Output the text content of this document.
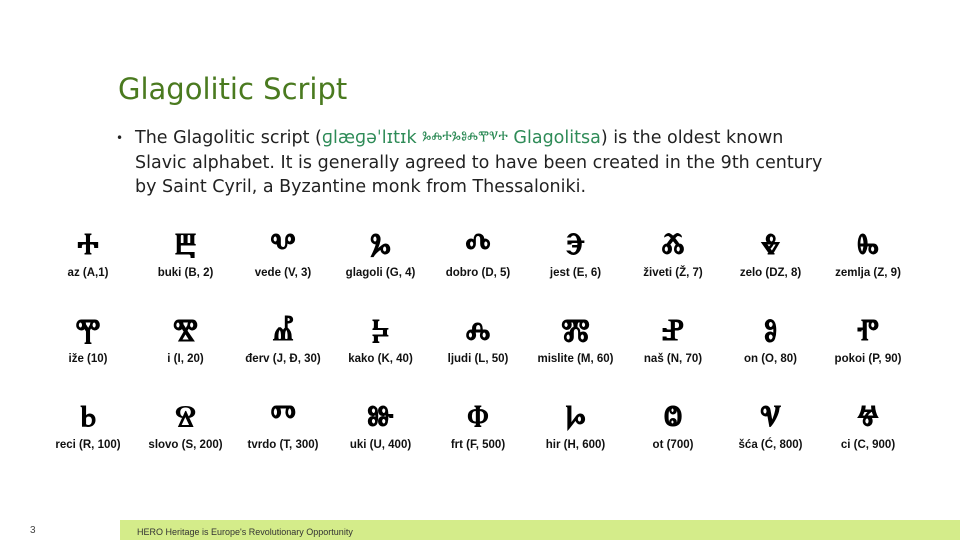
Glagolitic Script
• The Glagolitic script (ɡlæɡəˈlɪtɪk ⰳⰾⰰⰳⱁⰾⰹⱌⰰ Glagolitsa) is the oldest known Slavic alphabet. It is generally agreed to have been created in the 9th century by Saint Cyril, a Byzantine monk from Thessaloniki.
Ⰰ
az (A,1)
Ⰱ
buki (B, 2)
Ⰲ
vede (V, 3)
Ⰳ
glagoli (G, 4)
Ⰴ
dobro (D, 5)
Ⰵ
jest (E, 6)
Ⰶ
živeti (Ž, 7)
Ⰷ
zelo (DZ, 8)
Ⰸ
zemlja (Z, 9)
Ⰹ
iže (10)
Ⰺ
i (I, 20)
Ⰼ
đerv (J, Đ, 30)
Ⰽ
kako (K, 40)
Ⰾ
ljudi (L, 50)
Ⰿ
mislite (M, 60)
Ⱀ
naš (N, 70)
Ⱁ
on (O, 80)
Ⱂ
pokoi (P, 90)
Ⱃ
reci (R, 100)
Ⱄ
slovo (S, 200)
Ⱅ
tvrdo (T, 300)
Ⱆ
uki (U, 400)
Ⱇ
frt (F, 500)
Ⱈ
hir (H, 600)
Ⱉ
ot (700)
Ⱌ
šća (Ć, 800)
Ⱍ
ci (C, 900)
3	HERO Heritage is Europe's Revolutionary Opportunity
